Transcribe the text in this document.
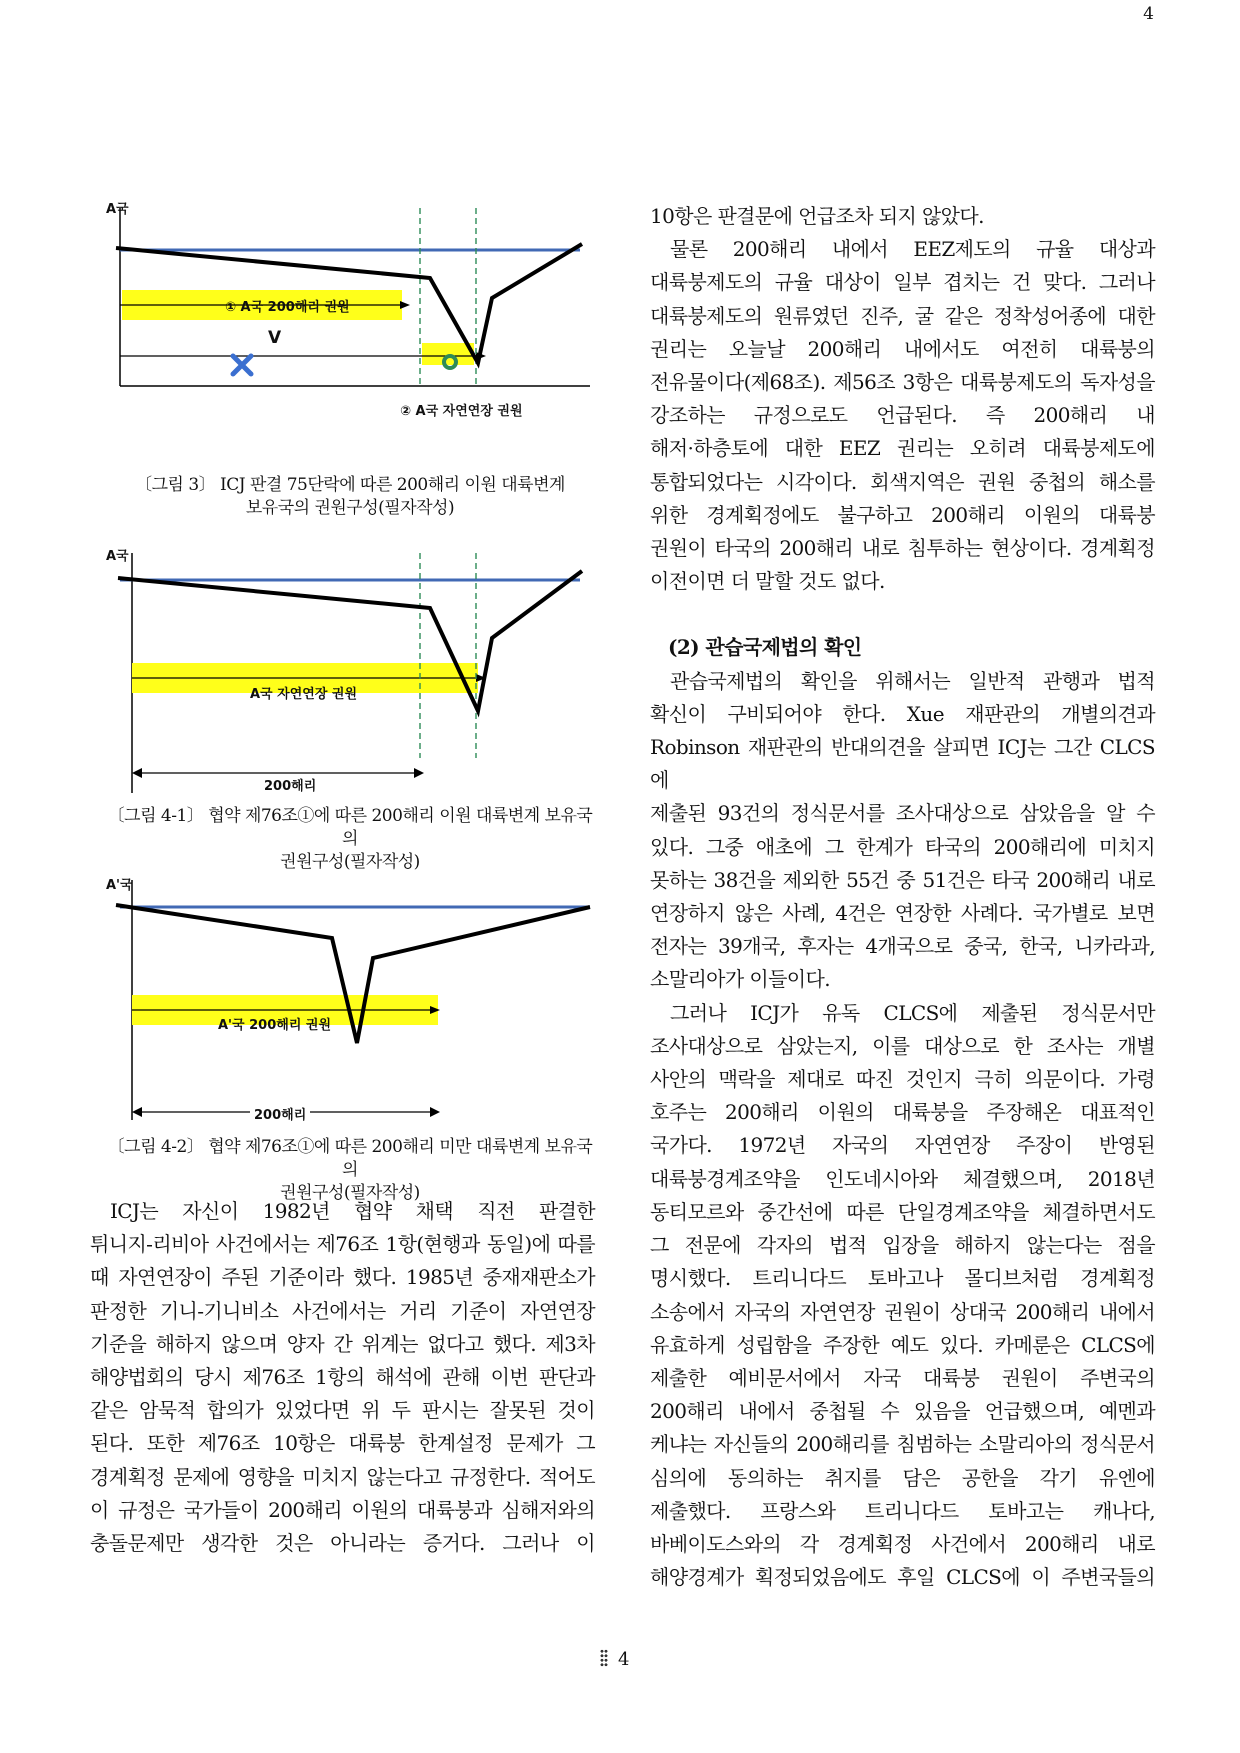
4
A국
① A국 200해리 권원
V
② A국 자연연장 권원
〔그림 3〕 ICJ 판결 75단락에 따른 200해리 이원 대륙변계
보유국의 권원구성(필자작성)
A국
A국 자연연장 권원
200해리
〔그림 4-1〕 협약 제76조①에 따른 200해리 이원 대륙변계 보유국의
권원구성(필자작성)
A'국
A'국 200해리 권원
200해리
〔그림 4-2〕 협약 제76조①에 따른 200해리 미만 대륙변계 보유국의
권원구성(필자작성)

ICJ는 자신이 1982년 협약 채택 직전 판결한

튀니지-리비아 사건에서는 제76조 1항(현행과 동일)에 따를

때 자연연장이 주된 기준이라 했다. 1985년 중재재판소가

판정한 기니-기니비소 사건에서는 거리 기준이 자연연장

기준을 해하지 않으며 양자 간 위계는 없다고 했다. 제3차

해양법회의 당시 제76조 1항의 해석에 관해 이번 판단과

같은 암묵적 합의가 있었다면 위 두 판시는 잘못된 것이

된다. 또한 제76조 10항은 대륙붕 한계설정 문제가 그

경계획정 문제에 영향을 미치지 않는다고 규정한다. 적어도

이 규정은 국가들이 200해리 이원의 대륙붕과 심해저와의

충돌문제만 생각한 것은 아니라는 증거다. 그러나 이

10항은 판결문에 언급조차 되지 않았다.

물론 200해리 내에서 EEZ제도의 규율 대상과

대륙붕제도의 규율 대상이 일부 겹치는 건 맞다. 그러나

대륙붕제도의 원류였던 진주, 굴 같은 정착성어종에 대한

권리는 오늘날 200해리 내에서도 여전히 대륙붕의

전유물이다(제68조). 제56조 3항은 대륙붕제도의 독자성을

강조하는 규정으로도 언급된다. 즉 200해리 내

해저·하층토에 대한 EEZ 권리는 오히려 대륙붕제도에

통합되었다는 시각이다. 회색지역은 권원 중첩의 해소를

위한 경계획정에도 불구하고 200해리 이원의 대륙붕

권원이 타국의 200해리 내로 침투하는 현상이다. 경계획정

이전이면 더 말할 것도 없다.

(2) 관습국제법의 확인

관습국제법의 확인을 위해서는 일반적 관행과 법적

확신이 구비되어야 한다. Xue 재판관의 개별의견과

Robinson 재판관의 반대의견을 살피면 ICJ는 그간 CLCS에

제출된 93건의 정식문서를 조사대상으로 삼았음을 알 수

있다. 그중 애초에 그 한계가 타국의 200해리에 미치지

못하는 38건을 제외한 55건 중 51건은 타국 200해리 내로

연장하지 않은 사례, 4건은 연장한 사례다. 국가별로 보면

전자는 39개국, 후자는 4개국으로 중국, 한국, 니카라과,

소말리아가 이들이다.

그러나 ICJ가 유독 CLCS에 제출된 정식문서만

조사대상으로 삼았는지, 이를 대상으로 한 조사는 개별

사안의 맥락을 제대로 따진 것인지 극히 의문이다. 가령

호주는 200해리 이원의 대륙붕을 주장해온 대표적인

국가다. 1972년 자국의 자연연장 주장이 반영된

대륙붕경계조약을 인도네시아와 체결했으며, 2018년

동티모르와 중간선에 따른 단일경계조약을 체결하면서도

그 전문에 각자의 법적 입장을 해하지 않는다는 점을

명시했다. 트리니다드 토바고나 몰디브처럼 경계획정

소송에서 자국의 자연연장 권원이 상대국 200해리 내에서

유효하게 성립함을 주장한 예도 있다. 카메룬은 CLCS에

제출한 예비문서에서 자국 대륙붕 권원이 주변국의

200해리 내에서 중첩될 수 있음을 언급했으며, 예멘과

케냐는 자신들의 200해리를 침범하는 소말리아의 정식문서

심의에 동의하는 취지를 담은 공한을 각기 유엔에

제출했다. 프랑스와 트리니다드 토바고는 캐나다,

바베이도스와의 각 경계획정 사건에서 200해리 내로

해양경계가 획정되었음에도 후일 CLCS에 이 주변국들의

4
